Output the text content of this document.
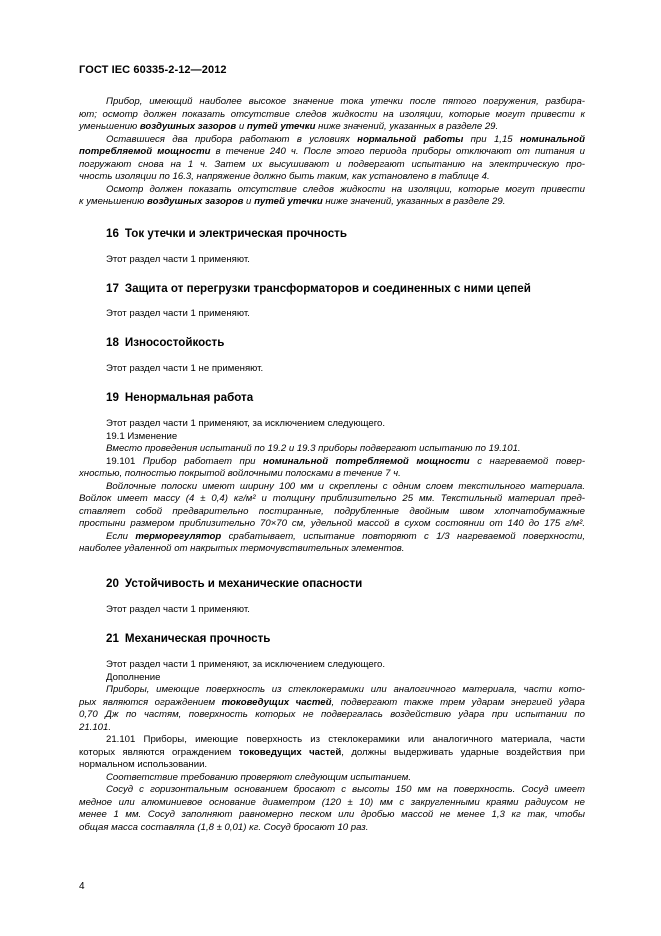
ГОСТ IEC 60335-2-12—2012
Прибор, имеющий наиболее высокое значение тока утечки после пятого погружения, разбира-
ют; осмотр должен показать отсутствие следов жидкости на изоляции, которые могут привести к
уменьшению воздушных зазоров и путей утечки ниже значений, указанных в разделе 29.
Оставшиеся два прибора работают в условиях нормальной работы при 1,15 номинальной
потребляемой мощности в течение 240 ч. После этого периода приборы отключают от питания и
погружают снова на 1 ч. Затем их высушивают и подвергают испытанию на электрическую про-
чность изоляции по 16.3, напряжение должно быть таким, как установлено в таблице 4.
Осмотр должен показать отсутствие следов жидкости на изоляции, которые могут привести
к уменьшению воздушных зазоров и путей утечки ниже значений, указанных в разделе 29.
16 Ток утечки и электрическая прочность
Этот раздел части 1 применяют.
17 Защита от перегрузки трансформаторов и соединенных с ними цепей
Этот раздел части 1 применяют.
18 Износостойкость
Этот раздел части 1 не применяют.
19 Ненормальная работа
Этот раздел части 1 применяют, за исключением следующего.
19.1 Изменение
Вместо проведения испытаний по 19.2 и 19.3 приборы подвергают испытанию по 19.101.
19.101 Прибор работает при номинальной потребляемой мощности с нагреваемой повер-
хностью, полностью покрытой войлочными полосками в течение 7 ч.
Войлочные полоски имеют ширину 100 мм и скреплены с одним слоем текстильного материала.
Войлок имеет массу (4 ± 0,4) кг/м² и толщину приблизительно 25 мм. Текстильный материал пред-
ставляет собой предварительно постиранные, подрубленные двойным швом хлопчатобумажные
простыни размером приблизительно 70×70 см, удельной массой в сухом состоянии от 140 до 175 г/м².
Если терморегулятор срабатывает, испытание повторяют с 1/3 нагреваемой поверхности,
наиболее удаленной от накрытых термочувствительных элементов.
20 Устойчивость и механические опасности
Этот раздел части 1 применяют.
21 Механическая прочность
Этот раздел части 1 применяют, за исключением следующего.
Дополнение
Приборы, имеющие поверхность из стеклокерамики или аналогичного материала, части кото-
рых являются ограждением токоведущих частей, подвергают также трем ударам энергией удара
0,70 Дж по частям, поверхность которых не подвергалась воздействию удара при испытании по
21.101.
21.101 Приборы, имеющие поверхность из стеклокерамики или аналогичного материала, части
которых являются ограждением токоведущих частей, должны выдерживать ударные воздействия при
нормальном использовании.
Соответствие требованию проверяют следующим испытанием.
Сосуд с горизонтальным основанием бросают с высоты 150 мм на поверхность. Сосуд имеет
медное или алюминиевое основание диаметром (120 ± 10) мм с закругленными краями радиусом не
менее 1 мм. Сосуд заполняют равномерно песком или дробью массой не менее 1,3 кг так, чтобы
общая масса составляла (1,8 ± 0,01) кг. Сосуд бросают 10 раз.
4
